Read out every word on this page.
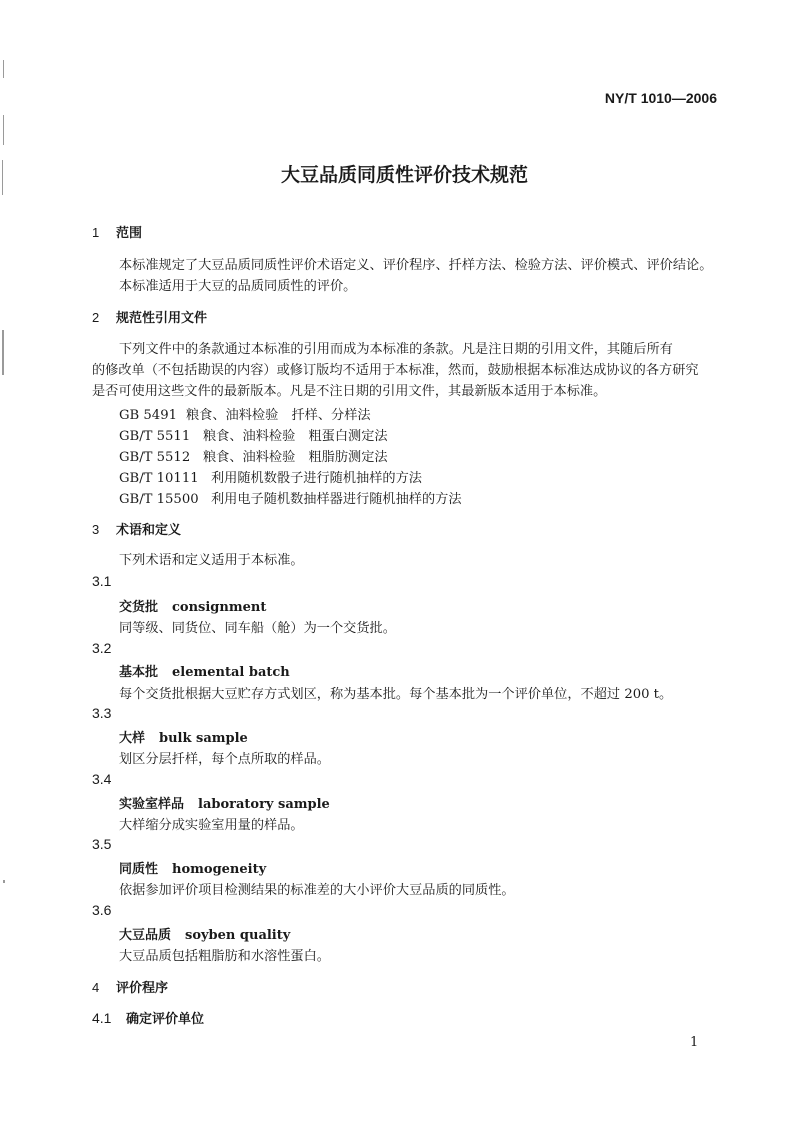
NY/T 1010—2006
大豆品质同质性评价技术规范
1 范围
本标准规定了大豆品质同质性评价术语定义、评价程序、扦样方法、检验方法、评价模式、评价结论。
本标准适用于大豆的品质同质性的评价。
2 规范性引用文件
下列文件中的条款通过本标准的引用而成为本标准的条款。凡是注日期的引用文件，其随后所有
的修改单（不包括勘误的内容）或修订版均不适用于本标准，然而，鼓励根据本标准达成协议的各方研究
是否可使用这些文件的最新版本。凡是不注日期的引用文件，其最新版本适用于本标准。
GB 5491 粮食、油料检验　扦样、分样法
GB/T 5511 粮食、油料检验　粗蛋白测定法
GB/T 5512 粮食、油料检验　粗脂肪测定法
GB/T 10111 利用随机数骰子进行随机抽样的方法
GB/T 15500 利用电子随机数抽样器进行随机抽样的方法
3 术语和定义
下列术语和定义适用于本标准。
3.1
交货批 consignment
同等级、同货位、同车船（舱）为一个交货批。
3.2
基本批 elemental batch
每个交货批根据大豆贮存方式划区，称为基本批。每个基本批为一个评价单位，不超过 200 t。
3.3
大样 bulk sample
划区分层扦样，每个点所取的样品。
3.4
实验室样品 laboratory sample
大样缩分成实验室用量的样品。
3.5
同质性 homogeneity
依据参加评价项目检测结果的标准差的大小评价大豆品质的同质性。
3.6
大豆品质 soyben quality
大豆品质包括粗脂肪和水溶性蛋白。
4 评价程序
4.1 确定评价单位
1
